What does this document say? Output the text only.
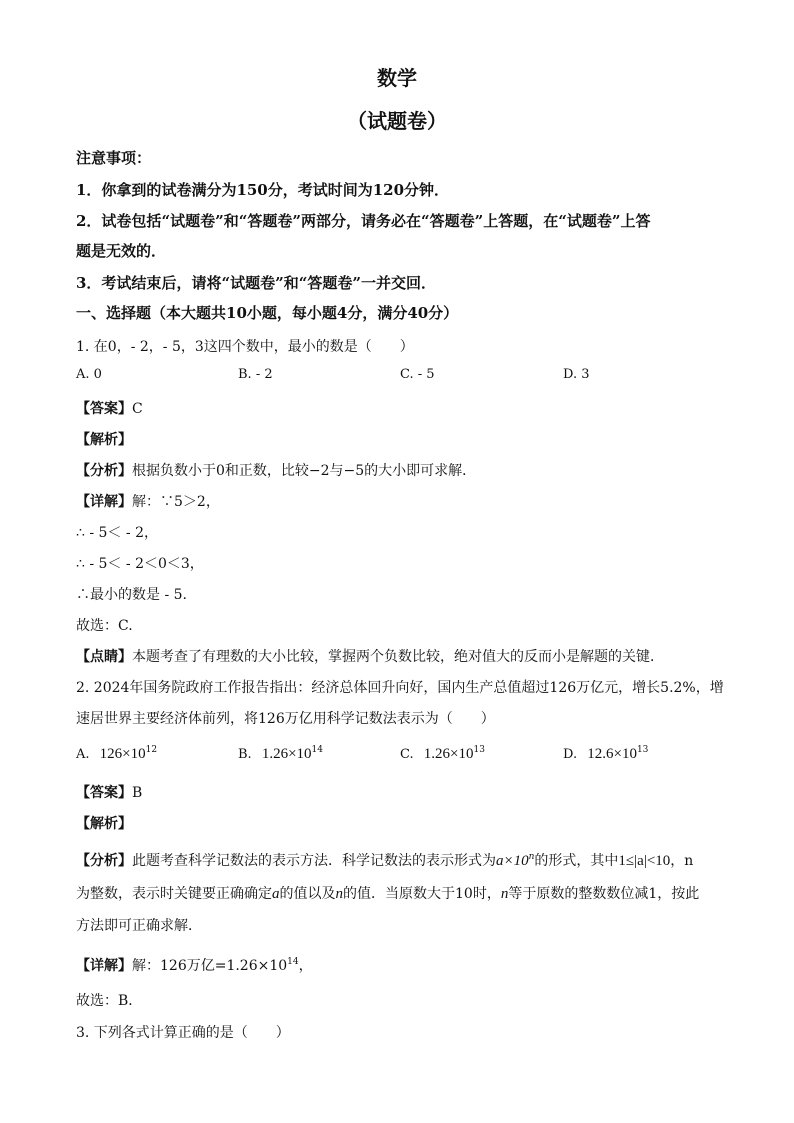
数学
（试题卷）
注意事项：
1．你拿到的试卷满分为150分，考试时间为120分钟．
2．试卷包括“试题卷”和“答题卷”两部分，请务必在“答题卷”上答题，在“试题卷”上答
题是无效的．
3．考试结束后，请将“试题卷”和“答题卷”一并交回．
一、选择题（本大题共10小题，每小题4分，满分40分）
1. 在0，- 2，- 5，3这四个数中，最小的数是（　　）
A. 0	B. - 2	C. - 5	D. 3
【答案】C
【解析】
【分析】根据负数小于0和正数，比较−2与−5的大小即可求解．
【详解】解：∵5＞2，
∴ - 5＜ - 2，
∴ - 5＜ - 2＜0＜3，
∴最小的数是 - 5.
故选：C.
【点睛】本题考查了有理数的大小比较，掌握两个负数比较，绝对值大的反而小是解题的关键．
2. 2024年国务院政府工作报告指出：经济总体回升向好，国内生产总值超过126万亿元，增长5.2%，增
速居世界主要经济体前列，将126万亿用科学记数法表示为（　　）
A. $126\times 10^{12}$	B. $1.26\times 10^{14}$	C. $1.26\times 10^{13}$	D. $12.6\times 10^{13}$
【答案】B
【解析】
【分析】此题考查科学记数法的表示方法．科学记数法的表示形式为$a\times 10^n$的形式，其中1≤|a|<10，n
为整数，表示时关键要正确确定a的值以及n的值．当原数大于10时，n等于原数的整数数位减1，按此
方法即可正确求解．
【详解】解：126万亿$=1.26\times 10^{14}$，
故选：B．
3. 下列各式计算正确的是（　　）
